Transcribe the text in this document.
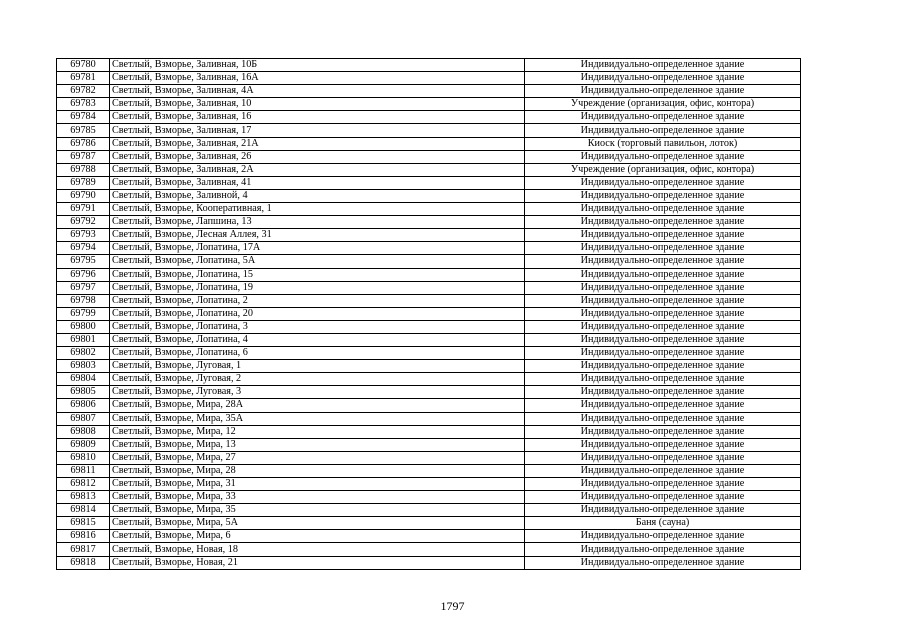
69780	Светлый, Взморье, Заливная, 10Б	Индивидуально-определенное здание
69781	Светлый, Взморье, Заливная, 16А	Индивидуально-определенное здание
69782	Светлый, Взморье, Заливная, 4А	Индивидуально-определенное здание
69783	Светлый, Взморье, Заливная, 10	Учреждение (организация, офис, контора)
69784	Светлый, Взморье, Заливная, 16	Индивидуально-определенное здание
69785	Светлый, Взморье, Заливная, 17	Индивидуально-определенное здание
69786	Светлый, Взморье, Заливная, 21А	Киоск (торговый павильон, лоток)
69787	Светлый, Взморье, Заливная, 26	Индивидуально-определенное здание
69788	Светлый, Взморье, Заливная, 2А	Учреждение (организация, офис, контора)
69789	Светлый, Взморье, Заливная, 41	Индивидуально-определенное здание
69790	Светлый, Взморье, Заливной, 4	Индивидуально-определенное здание
69791	Светлый, Взморье, Кооперативная, 1	Индивидуально-определенное здание
69792	Светлый, Взморье, Лапшина, 13	Индивидуально-определенное здание
69793	Светлый, Взморье, Лесная Аллея, 31	Индивидуально-определенное здание
69794	Светлый, Взморье, Лопатина, 17А	Индивидуально-определенное здание
69795	Светлый, Взморье, Лопатина, 5А	Индивидуально-определенное здание
69796	Светлый, Взморье, Лопатина, 15	Индивидуально-определенное здание
69797	Светлый, Взморье, Лопатина, 19	Индивидуально-определенное здание
69798	Светлый, Взморье, Лопатина, 2	Индивидуально-определенное здание
69799	Светлый, Взморье, Лопатина, 20	Индивидуально-определенное здание
69800	Светлый, Взморье, Лопатина, 3	Индивидуально-определенное здание
69801	Светлый, Взморье, Лопатина, 4	Индивидуально-определенное здание
69802	Светлый, Взморье, Лопатина, 6	Индивидуально-определенное здание
69803	Светлый, Взморье, Луговая, 1	Индивидуально-определенное здание
69804	Светлый, Взморье, Луговая, 2	Индивидуально-определенное здание
69805	Светлый, Взморье, Луговая, 3	Индивидуально-определенное здание
69806	Светлый, Взморье, Мира, 28А	Индивидуально-определенное здание
69807	Светлый, Взморье, Мира, 35А	Индивидуально-определенное здание
69808	Светлый, Взморье, Мира, 12	Индивидуально-определенное здание
69809	Светлый, Взморье, Мира, 13	Индивидуально-определенное здание
69810	Светлый, Взморье, Мира, 27	Индивидуально-определенное здание
69811	Светлый, Взморье, Мира, 28	Индивидуально-определенное здание
69812	Светлый, Взморье, Мира, 31	Индивидуально-определенное здание
69813	Светлый, Взморье, Мира, 33	Индивидуально-определенное здание
69814	Светлый, Взморье, Мира, 35	Индивидуально-определенное здание
69815	Светлый, Взморье, Мира, 5А	Баня (сауна)
69816	Светлый, Взморье, Мира, 6	Индивидуально-определенное здание
69817	Светлый, Взморье, Новая, 18	Индивидуально-определенное здание
69818	Светлый, Взморье, Новая, 21	Индивидуально-определенное здание
1797
